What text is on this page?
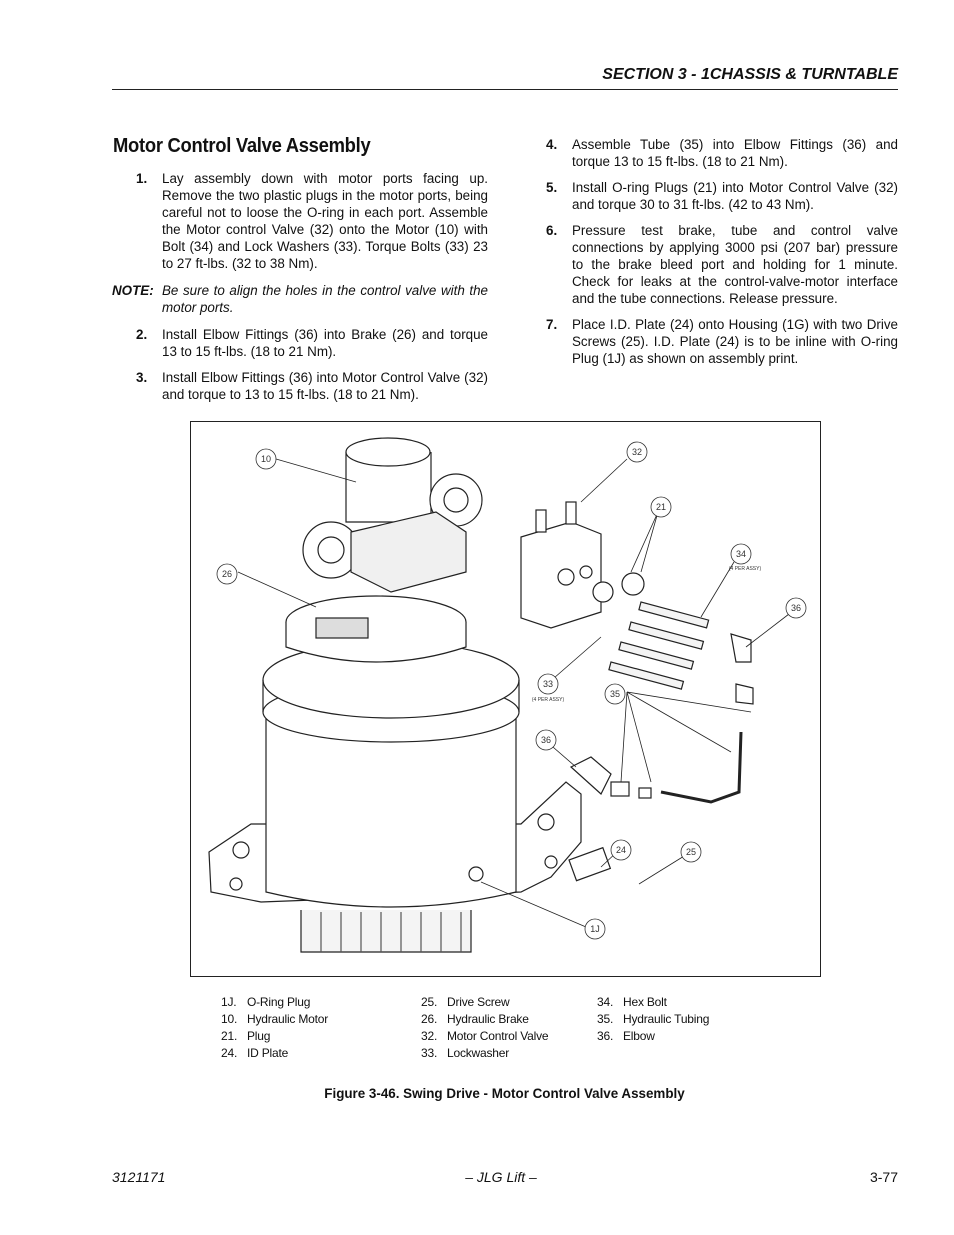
SECTION 3 - 1CHASSIS & TURNTABLE
Motor Control Valve Assembly
1. Lay assembly down with motor ports facing up. Remove the two plastic plugs in the motor ports, being careful not to loose the O-ring in each port. Assemble the Motor control Valve (32) onto the Motor (10) with Bolt (34) and Lock Washers (33). Torque Bolts (33) 23 to 27 ft-lbs. (32 to 38 Nm).
NOTE: Be sure to align the holes in the control valve with the motor ports.
2. Install Elbow Fittings (36) into Brake (26) and torque 13 to 15 ft-lbs. (18 to 21 Nm).
3. Install Elbow Fittings (36) into Motor Control Valve (32) and torque to 13 to 15 ft-lbs. (18 to 21 Nm).
4. Assemble Tube (35) into Elbow Fittings (36) and torque 13 to 15 ft-lbs. (18 to 21 Nm).
5. Install O-ring Plugs (21) into Motor Control Valve (32) and torque 30 to 31 ft-lbs. (42 to 43 Nm).
6. Pressure test brake, tube and control valve connections by applying 3000 psi (207 bar) pressure to the brake bleed port and holding for 1 minute. Check for leaks at the control-valve-motor interface and the tube connections. Release pressure.
7. Place I.D. Plate (24) onto Housing (1G) with two Drive Screws (25). I.D. Plate (24) is to be inline with O-ring Plug (1J) as shown on assembly print.
10
32
21
34
36
26
33
35
36
24	25
1J
(4 PER ASSY)
(4 PER ASSY)
1J. O-Ring Plug
10. Hydraulic Motor
21. Plug
24. ID Plate
25. Drive Screw
26. Hydraulic Brake
32. Motor Control Valve
33. Lockwasher
34. Hex Bolt
35. Hydraulic Tubing
36. Elbow
Figure 3-46. Swing Drive - Motor Control Valve Assembly
3121171	– JLG Lift –	3-77
